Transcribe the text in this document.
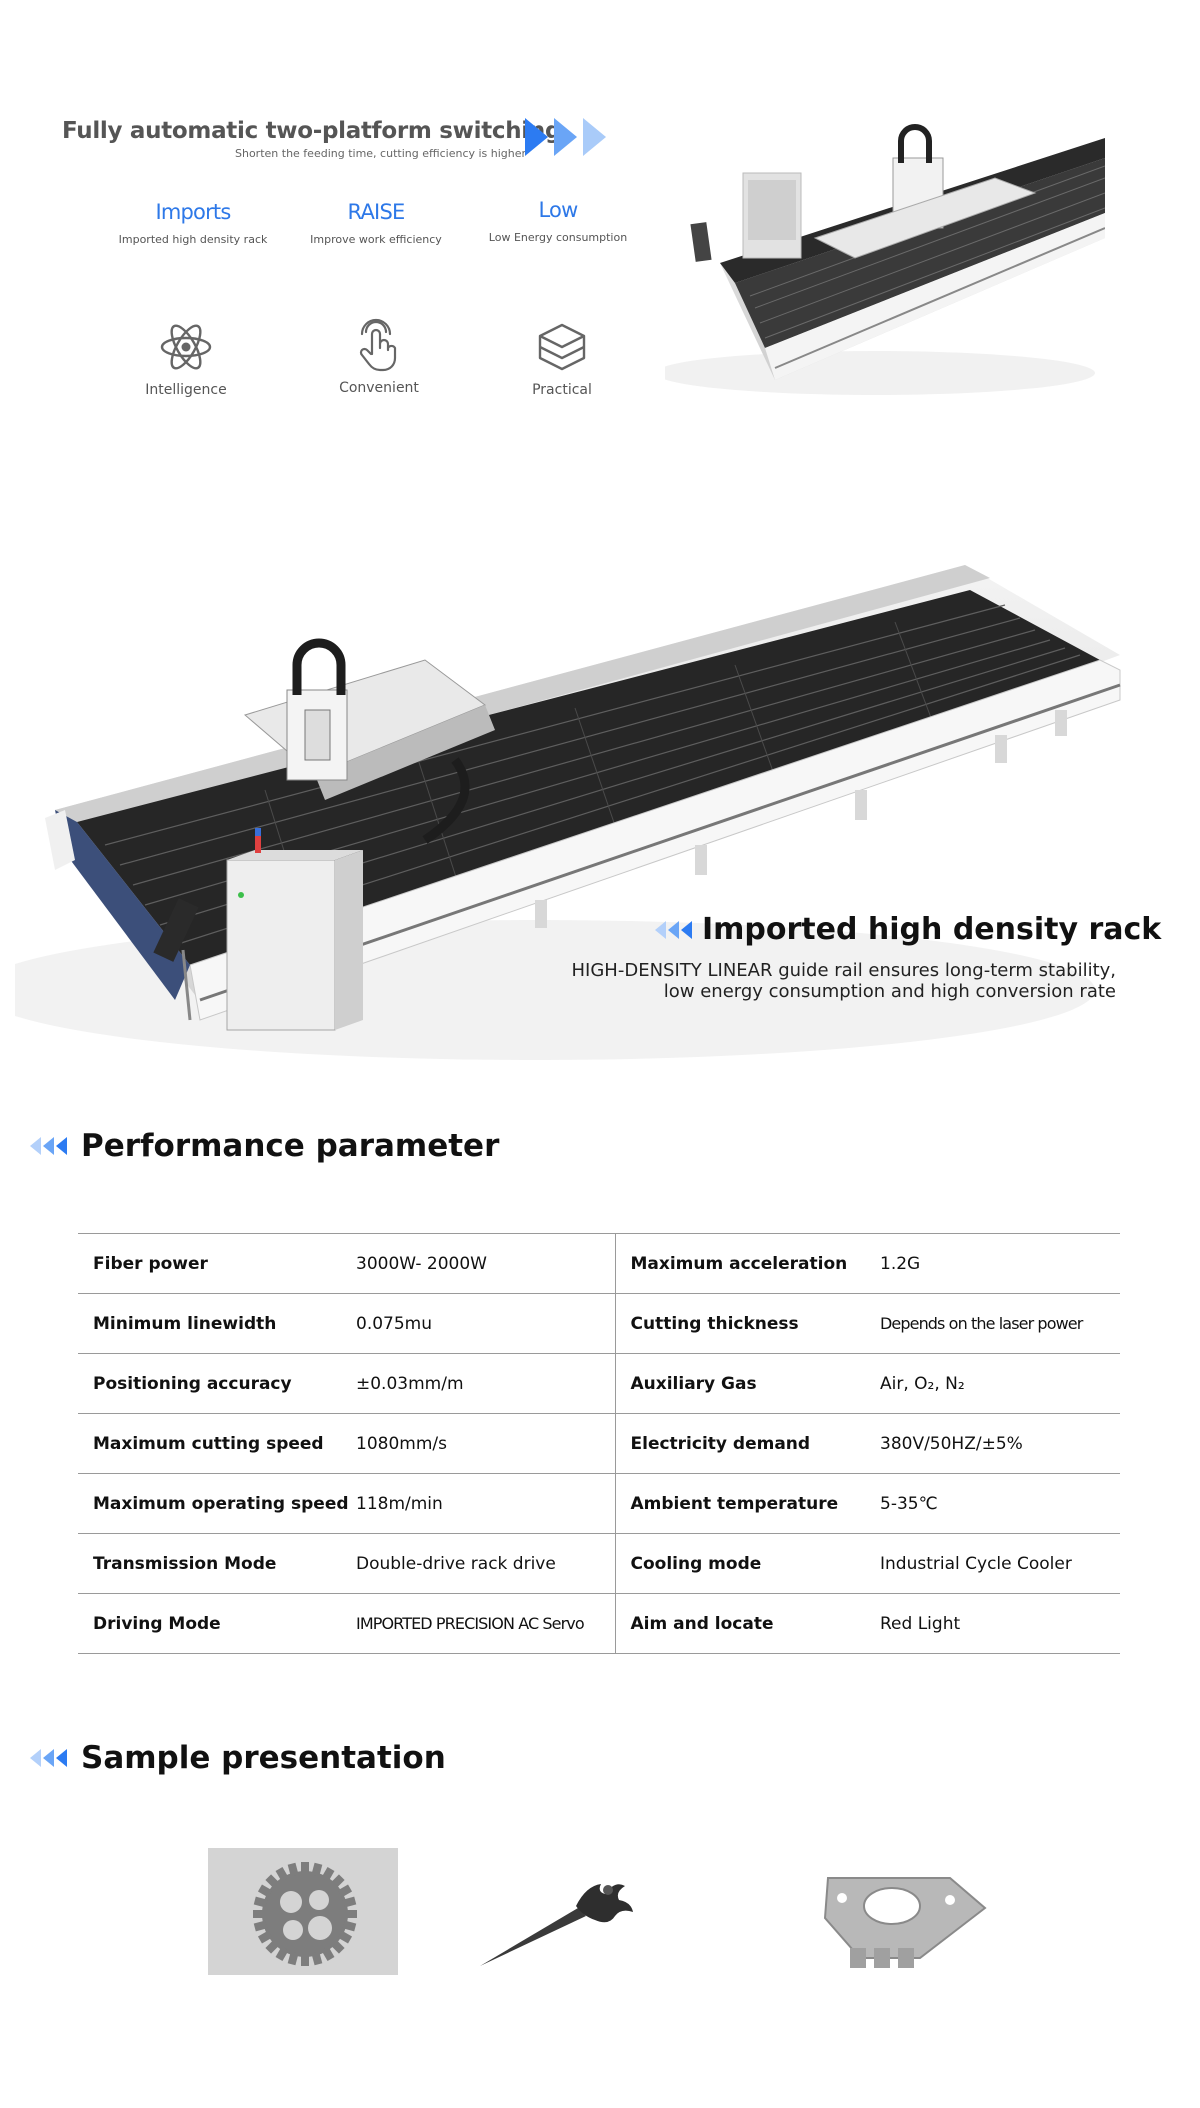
Fully automatic two-platform switching
Shorten the feeding time, cutting efficiency is higher
Imports
Imported high density rack
RAISE
Improve work efficiency
Low
Low Energy consumption
Intelligence	Convenient	Practical
Imported high density rack
HIGH-DENSITY LINEAR guide rail ensures long-term stability,
low energy consumption and high conversion rate
Performance parameter
Fiber power	3000W- 2000W	Maximum acceleration	1.2G
Minimum linewidth	0.075mu	Cutting thickness	Depends on the laser power
Positioning accuracy	±0.03mm/m	Auxiliary Gas	Air, O₂, N₂
Maximum cutting speed	1080mm/s	Electricity demand	380V/50HZ/±5%
Maximum operating speed	118m/min	Ambient temperature	5-35℃
Transmission Mode	Double-drive rack drive	Cooling mode	Industrial Cycle Cooler
Driving Mode	IMPORTED PRECISION AC Servo	Aim and locate	Red Light
Sample presentation
